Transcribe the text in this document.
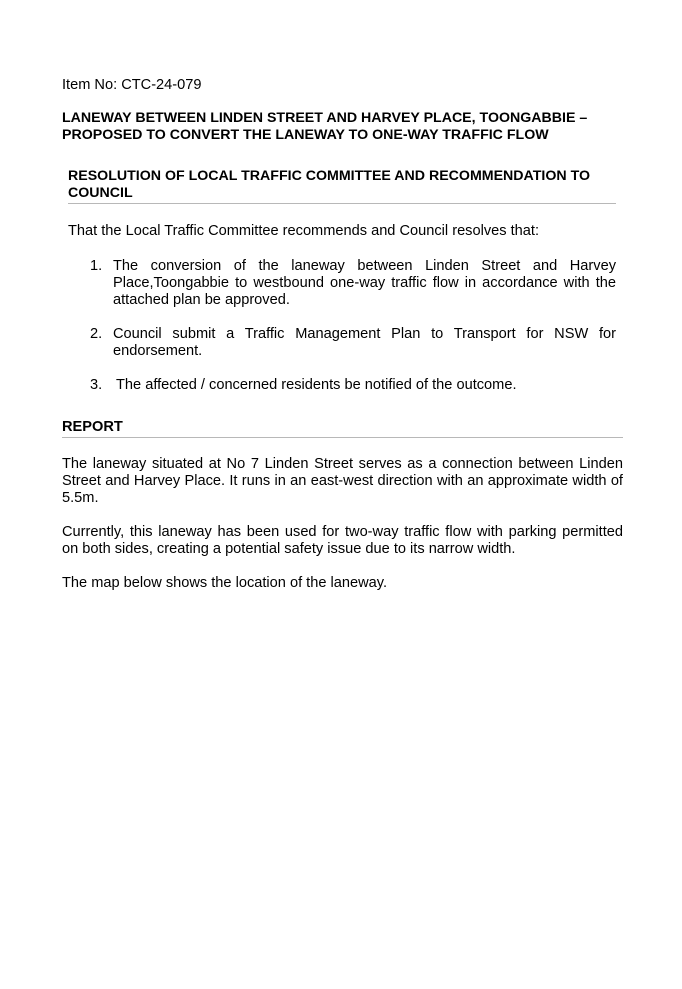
Item No: CTC-24-079
LANEWAY BETWEEN LINDEN STREET AND HARVEY PLACE, TOONGABBIE – PROPOSED TO CONVERT THE LANEWAY TO ONE-WAY TRAFFIC FLOW
RESOLUTION OF LOCAL TRAFFIC COMMITTEE AND RECOMMENDATION TO COUNCIL
That the Local Traffic Committee recommends and Council resolves that:
1. The conversion of the laneway between Linden Street and Harvey Place,Toongabbie to westbound one-way traffic flow in accordance with the attached plan be approved.
2. Council submit a Traffic Management Plan to Transport for NSW for endorsement.
3. The affected / concerned residents be notified of the outcome.
REPORT

The laneway situated at No 7 Linden Street serves as a connection between Linden Street and Harvey Place. It runs in an east-west direction with an approximate width of 5.5m.

Currently, this laneway has been used for two-way traffic flow with parking permitted on both sides, creating a potential safety issue due to its narrow width.

The map below shows the location of the laneway.
